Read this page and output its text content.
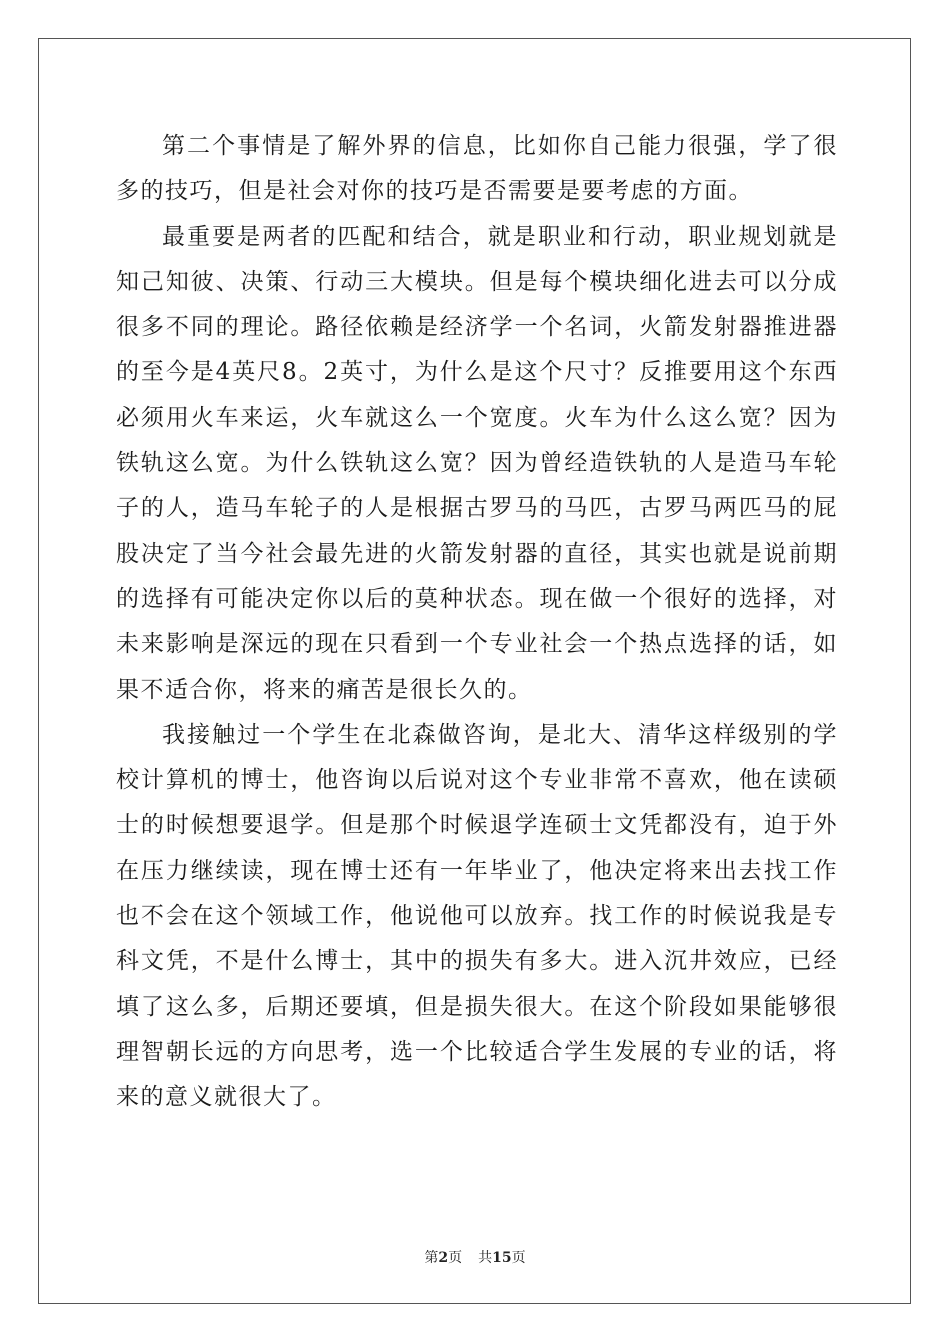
第二个事情是了解外界的信息，比如你自己能力很强，学了很多的技巧，但是社会对你的技巧是否需要是要考虑的方面。

最重要是两者的匹配和结合，就是职业和行动，职业规划就是知己知彼、决策、行动三大模块。但是每个模块细化进去可以分成很多不同的理论。路径依赖是经济学一个名词，火箭发射器推进器的至今是4英尺8。2英寸，为什么是这个尺寸？反推要用这个东西必须用火车来运，火车就这么一个宽度。火车为什么这么宽？因为铁轨这么宽。为什么铁轨这么宽？因为曾经造铁轨的人是造马车轮子的人，造马车轮子的人是根据古罗马的马匹，古罗马两匹马的屁股决定了当今社会最先进的火箭发射器的直径，其实也就是说前期的选择有可能决定你以后的莫种状态。现在做一个很好的选择，对未来影响是深远的现在只看到一个专业社会一个热点选择的话，如果不适合你，将来的痛苦是很长久的。

我接触过一个学生在北森做咨询，是北大、清华这样级别的学校计算机的博士，他咨询以后说对这个专业非常不喜欢，他在读硕士的时候想要退学。但是那个时候退学连硕士文凭都没有，迫于外在压力继续读，现在博士还有一年毕业了，他决定将来出去找工作也不会在这个领域工作，他说他可以放弃。找工作的时候说我是专科文凭，不是什么博士，其中的损失有多大。进入沉井效应，已经填了这么多，后期还要填，但是损失很大。在这个阶段如果能够很理智朝长远的方向思考，选一个比较适合学生发展的专业的话，将来的意义就很大了。

第2页 共15页
